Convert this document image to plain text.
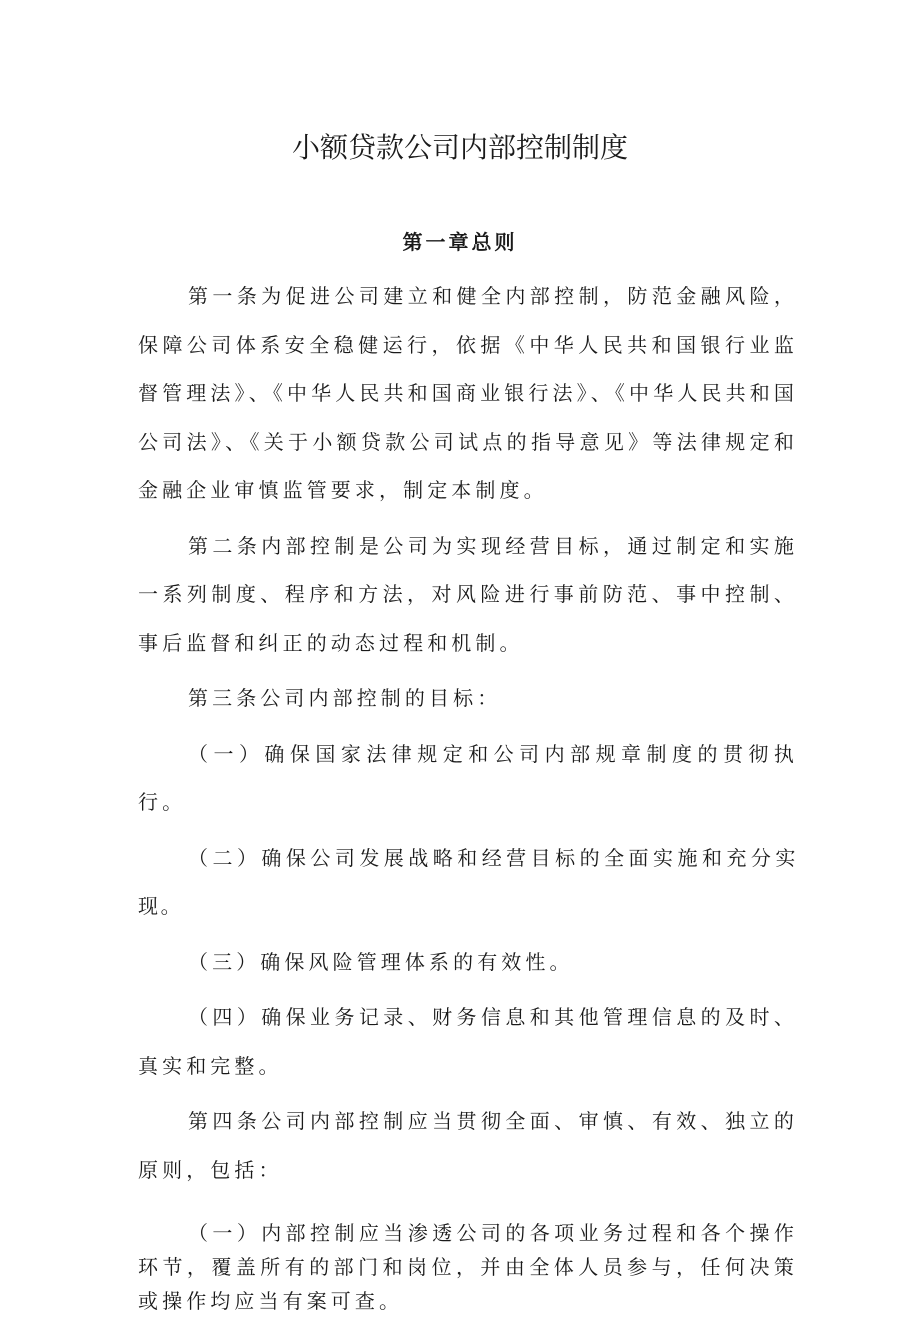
小额贷款公司内部控制制度
第一章总则

第一条为促进公司建立和健全内部控制，防范金融风险，保障公司体系安全稳健运行，依据《中华人民共和国银行业监督管理法》、《中华人民共和国商业银行法》、《中华人民共和国公司法》、《关于小额贷款公司试点的指导意见》等法律规定和金融企业审慎监管要求，制定本制度。

第二条内部控制是公司为实现经营目标，通过制定和实施一系列制度、程序和方法，对风险进行事前防范、事中控制、事后监督和纠正的动态过程和机制。

第三条公司内部控制的目标：

（一）确保国家法律规定和公司内部规章制度的贯彻执行。

（二）确保公司发展战略和经营目标的全面实施和充分实现。

（三）确保风险管理体系的有效性。

（四）确保业务记录、财务信息和其他管理信息的及时、真实和完整。

第四条公司内部控制应当贯彻全面、审慎、有效、独立的原则，包括：

（一）内部控制应当渗透公司的各项业务过程和各个操作环节，覆盖所有的部门和岗位，并由全体人员参与，任何决策或操作均应当有案可查。
